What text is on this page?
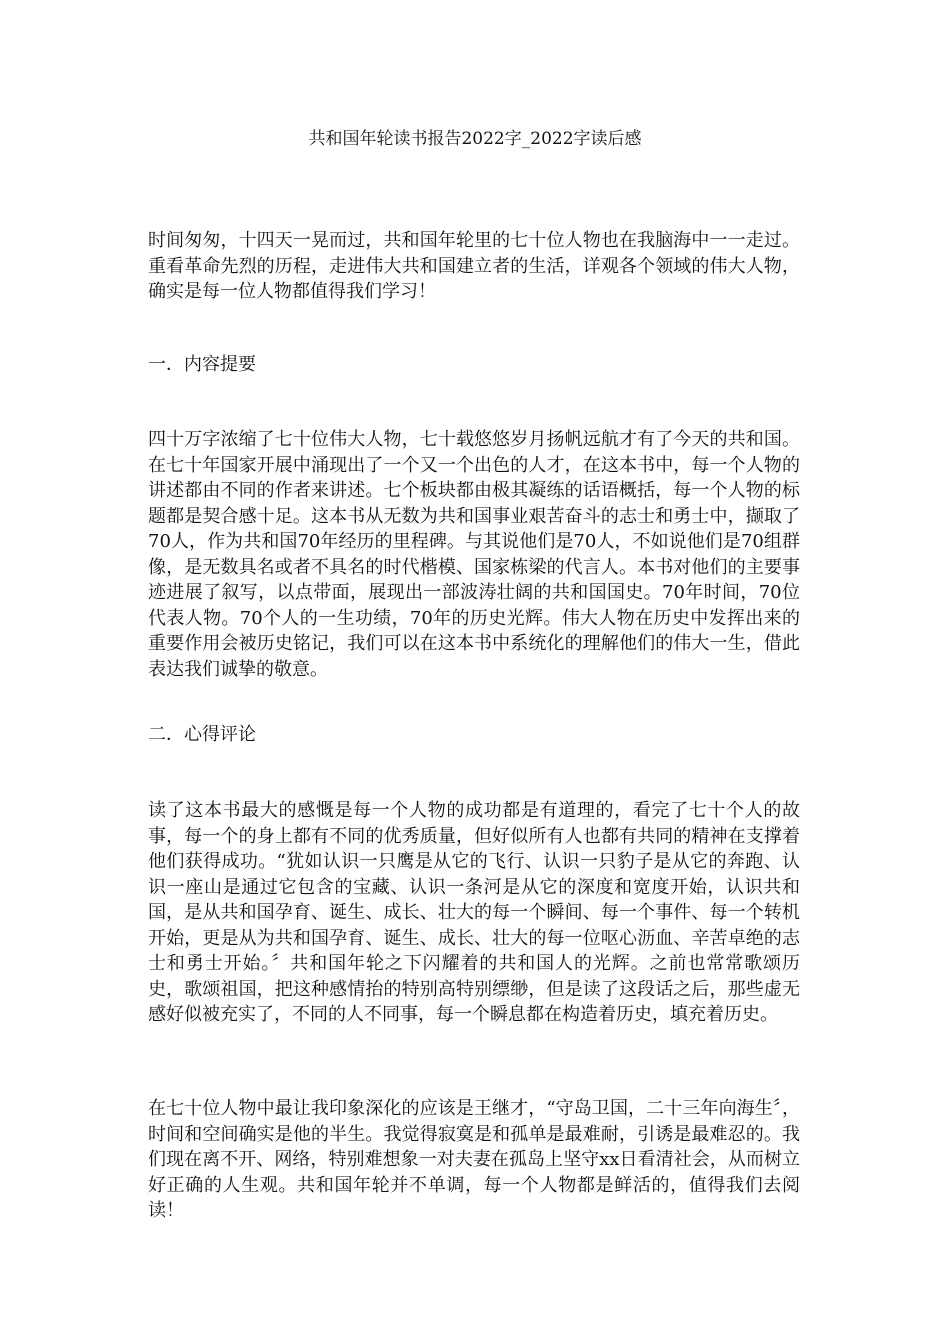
共和国年轮读书报告2022字_2022字读后感

时间匆匆，十四天一晃而过，共和国年轮里的七十位人物也在我脑海中一一走过。重看革命先烈的历程，走进伟大共和国建立者的生活，详观各个领域的伟大人物，确实是每一位人物都值得我们学习！

一．内容提要

四十万字浓缩了七十位伟大人物，七十载悠悠岁月扬帆远航才有了今天的共和国。在七十年国家开展中涌现出了一个又一个出色的人才，在这本书中，每一个人物的讲述都由不同的作者来讲述。七个板块都由极其凝练的话语概括，每一个人物的标题都是契合感十足。这本书从无数为共和国事业艰苦奋斗的志士和勇士中，撷取了70人，作为共和国70年经历的里程碑。与其说他们是70人，不如说他们是70组群像，是无数具名或者不具名的时代楷模、国家栋梁的代言人。本书对他们的主要事迹进展了叙写，以点带面，展现出一部波涛壮阔的共和国国史。70年时间，70位代表人物。70个人的一生功绩，70年的历史光辉。伟大人物在历史中发挥出来的重要作用会被历史铭记，我们可以在这本书中系统化的理解他们的伟大一生，借此表达我们诚挚的敬意。

二．心得评论

读了这本书最大的感慨是每一个人物的成功都是有道理的，看完了七十个人的故事，每一个的身上都有不同的优秀质量，但好似所有人也都有共同的精神在支撑着他们获得成功。“犹如认识一只鹰是从它的飞行、认识一只豹子是从它的奔跑、认识一座山是通过它包含的宝藏、认识一条河是从它的深度和宽度开始，认识共和国，是从共和国孕育、诞生、成长、壮大的每一个瞬间、每一个事件、每一个转机开始，更是从为共和国孕育、诞生、成长、壮大的每一位呕心沥血、辛苦卓绝的志士和勇士开始。〞共和国年轮之下闪耀着的共和国人的光辉。之前也常常歌颂历史，歌颂祖国，把这种感情抬的特别高特别缥缈，但是读了这段话之后，那些虚无感好似被充实了，不同的人不同事，每一个瞬息都在构造着历史，填充着历史。

在七十位人物中最让我印象深化的应该是王继才，“守岛卫国，二十三年向海生〞，时间和空间确实是他的半生。我觉得寂寞是和孤单是最难耐，引诱是最难忍的。我们现在离不开、网络，特别难想象一对夫妻在孤岛上坚守xx日看清社会，从而树立好正确的人生观。共和国年轮并不单调，每一个人物都是鲜活的，值得我们去阅读！
